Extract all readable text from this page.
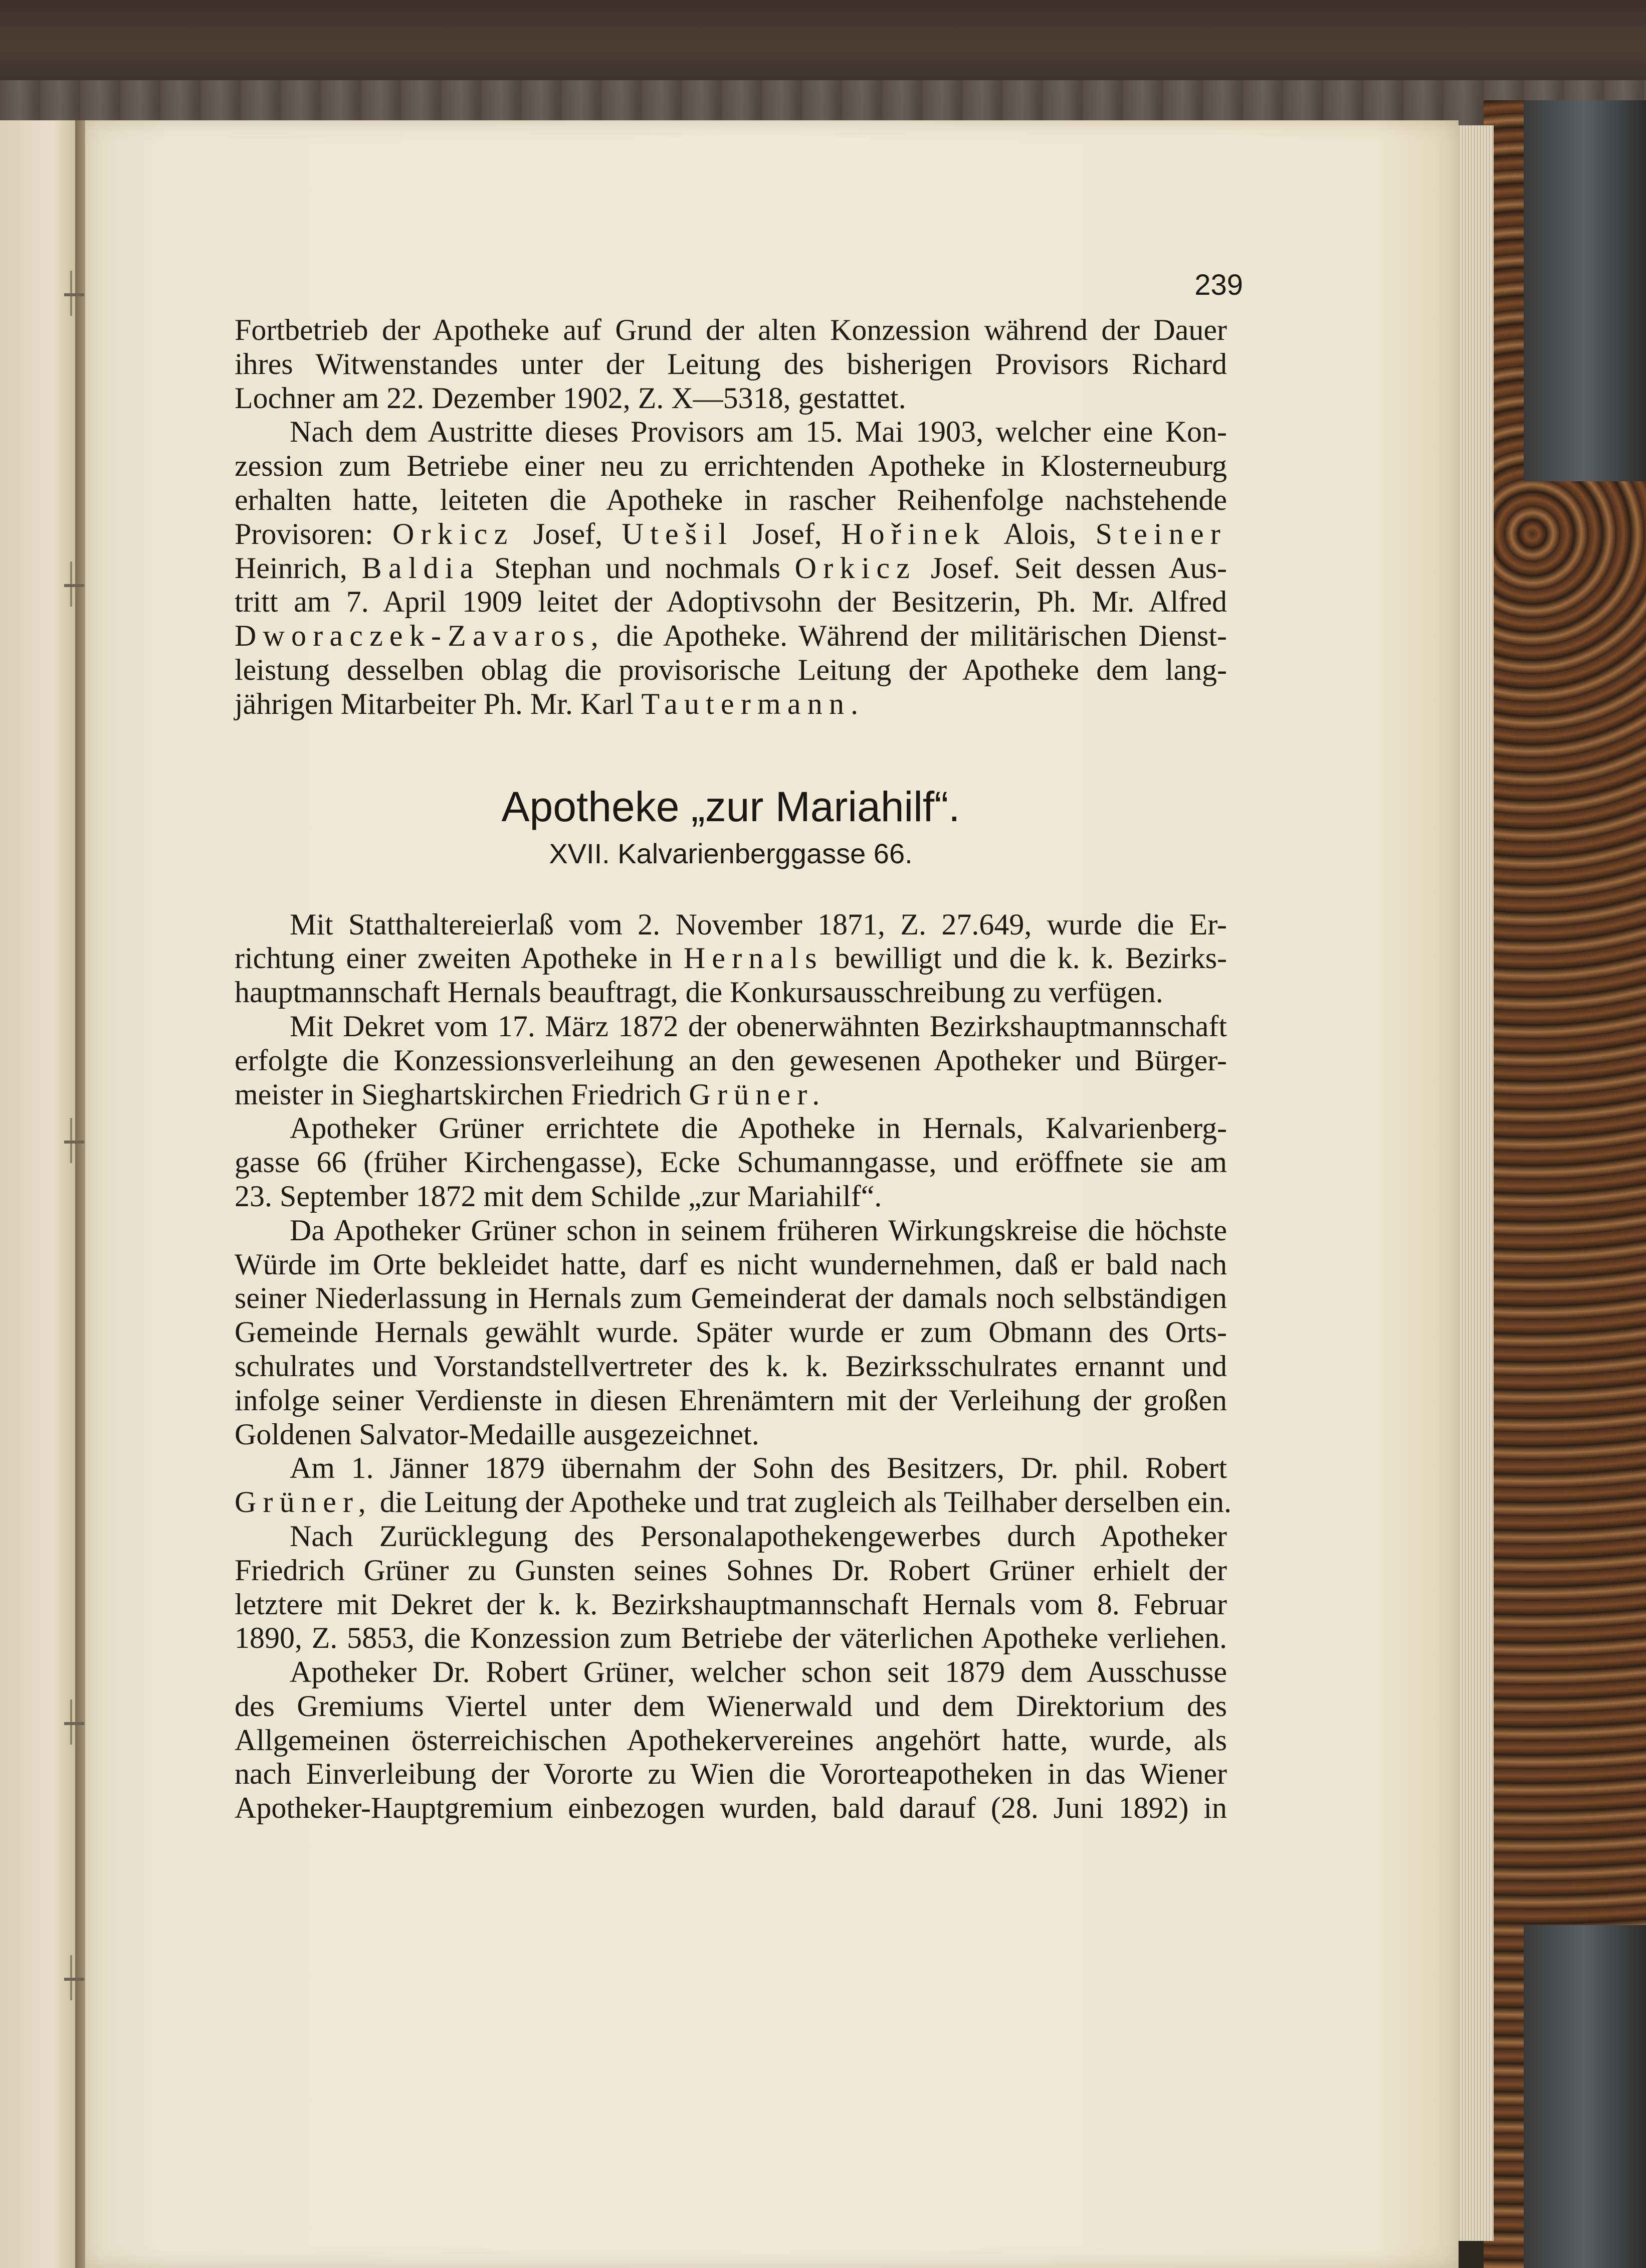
239

Fortbetrieb der Apotheke auf Grund der alten Konzession während der Dauer
ihres Witwenstandes unter der Leitung des bisherigen Provisors Richard
Lochner am 22. Dezember 1902, Z. X—5318, gestattet.

Nach dem Austritte dieses Provisors am 15. Mai 1903, welcher eine Kon-
zession zum Betriebe einer neu zu errichtenden Apotheke in Klosterneuburg
erhalten hatte, leiteten die Apotheke in rascher Reihenfolge nachstehende
Provisoren: Orkicz Josef, Utešil Josef, Hořinek Alois, Steiner
Heinrich, Baldia Stephan und nochmals Orkicz Josef. Seit dessen Aus-
tritt am 7. April 1909 leitet der Adoptivsohn der Besitzerin, Ph. Mr. Alfred
Dworaczek-Zavaros, die Apotheke. Während der militärischen Dienst-
leistung desselben oblag die provisorische Leitung der Apotheke dem lang-
jährigen Mitarbeiter Ph. Mr. Karl Tautermann.

Apotheke „zur Mariahilf“.
XVII. Kalvarienberggasse 66.

Mit Statthaltereierlaß vom 2. November 1871, Z. 27.649, wurde die Er-
richtung einer zweiten Apotheke in Hernals bewilligt und die k. k. Bezirks-
hauptmannschaft Hernals beauftragt, die Konkursausschreibung zu verfügen.

Mit Dekret vom 17. März 1872 der obenerwähnten Bezirkshauptmannschaft
erfolgte die Konzessionsverleihung an den gewesenen Apotheker und Bürger-
meister in Sieghartskirchen Friedrich Grüner.

Apotheker Grüner errichtete die Apotheke in Hernals, Kalvarienberg-
gasse 66 (früher Kirchengasse), Ecke Schumanngasse, und eröffnete sie am
23. September 1872 mit dem Schilde „zur Mariahilf“.

Da Apotheker Grüner schon in seinem früheren Wirkungskreise die höchste
Würde im Orte bekleidet hatte, darf es nicht wundernehmen, daß er bald nach
seiner Niederlassung in Hernals zum Gemeinderat der damals noch selbständigen
Gemeinde Hernals gewählt wurde. Später wurde er zum Obmann des Orts-
schulrates und Vorstandstellvertreter des k. k. Bezirksschulrates ernannt und
infolge seiner Verdienste in diesen Ehrenämtern mit der Verleihung der großen
Goldenen Salvator-Medaille ausgezeichnet.

Am 1. Jänner 1879 übernahm der Sohn des Besitzers, Dr. phil. Robert
Grüner, die Leitung der Apotheke und trat zugleich als Teilhaber derselben ein.

Nach Zurücklegung des Personalapothekengewerbes durch Apotheker
Friedrich Grüner zu Gunsten seines Sohnes Dr. Robert Grüner erhielt der
letztere mit Dekret der k. k. Bezirkshauptmannschaft Hernals vom 8. Februar
1890, Z. 5853, die Konzession zum Betriebe der väterlichen Apotheke verliehen.

Apotheker Dr. Robert Grüner, welcher schon seit 1879 dem Ausschusse
des Gremiums Viertel unter dem Wienerwald und dem Direktorium des
Allgemeinen österreichischen Apothekervereines angehört hatte, wurde, als
nach Einverleibung der Vororte zu Wien die Vororteapotheken in das Wiener
Apotheker-Hauptgremium einbezogen wurden, bald darauf (28. Juni 1892) in
